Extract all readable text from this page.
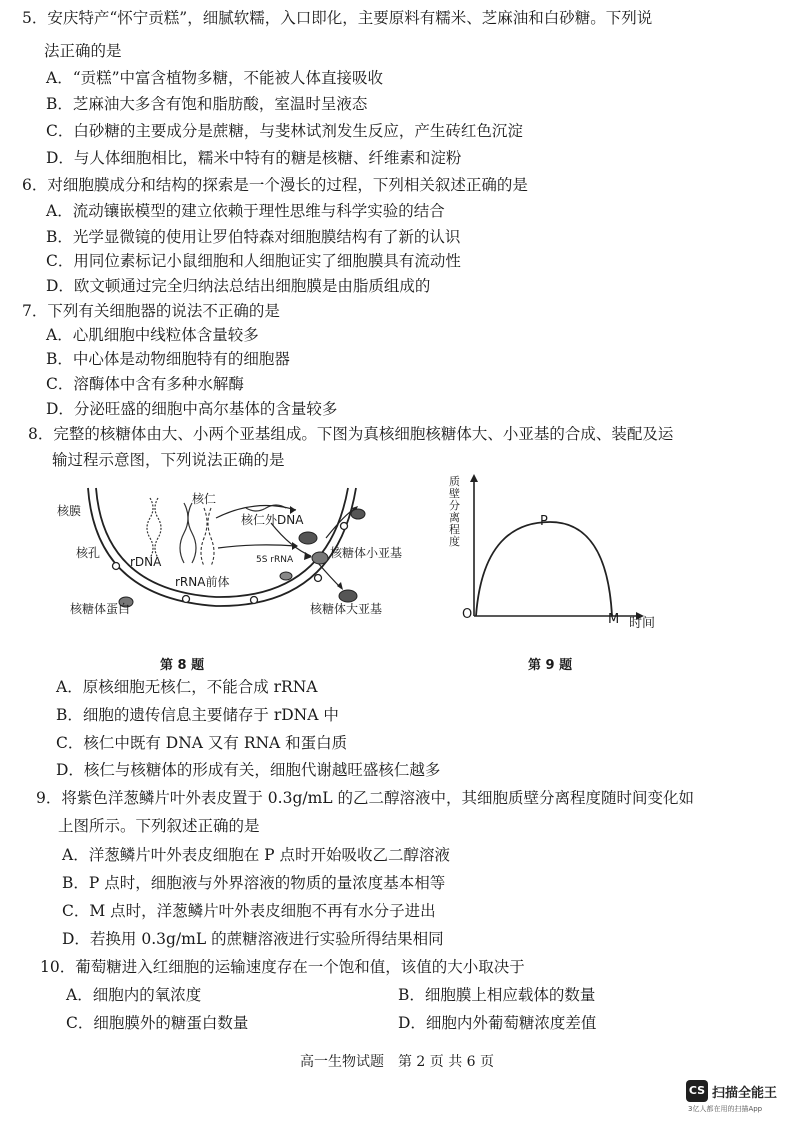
5．安庆特产“怀宁贡糕”，细腻软糯，入口即化，主要原料有糯米、芝麻油和白砂糖。下列说
法正确的是
A．“贡糕”中富含植物多糖，不能被人体直接吸收
B．芝麻油大多含有饱和脂肪酸，室温时呈液态
C．白砂糖的主要成分是蔗糖，与斐林试剂发生反应，产生砖红色沉淀
D．与人体细胞相比，糯米中特有的糖是核糖、纤维素和淀粉
6．对细胞膜成分和结构的探索是一个漫长的过程，下列相关叙述正确的是
A．流动镶嵌模型的建立依赖于理性思维与科学实验的结合
B．光学显微镜的使用让罗伯特森对细胞膜结构有了新的认识
C．用同位素标记小鼠细胞和人细胞证实了细胞膜具有流动性
D．欧文顿通过完全归纳法总结出细胞膜是由脂质组成的
7．下列有关细胞器的说法不正确的是
A．心肌细胞中线粒体含量较多
B．中心体是动物细胞特有的细胞器
C．溶酶体中含有多种水解酶
D．分泌旺盛的细胞中高尔基体的含量较多
8．完整的核糖体由大、小两个亚基组成。下图为真核细胞核糖体大、小亚基的合成、装配及运
输过程示意图，下列说法正确的是
核膜
核孔
核仁
核仁外DNA
rDNA
rRNA前体
5S rRNA	核糖体小亚基
核糖体大亚基
核糖体蛋白
第 8 题
质壁分离程度
时间
O
P
M
第 9 题
A．原核细胞无核仁，不能合成 rRNA
B．细胞的遗传信息主要储存于 rDNA 中
C．核仁中既有 DNA 又有 RNA 和蛋白质
D．核仁与核糖体的形成有关，细胞代谢越旺盛核仁越多
9．将紫色洋葱鳞片叶外表皮置于 0.3g/mL 的乙二醇溶液中，其细胞质壁分离程度随时间变化如
上图所示。下列叙述正确的是
A．洋葱鳞片叶外表皮细胞在 P 点时开始吸收乙二醇溶液
B．P 点时，细胞液与外界溶液的物质的量浓度基本相等
C．M 点时，洋葱鳞片叶外表皮细胞不再有水分子进出
D．若换用 0.3g/mL 的蔗糖溶液进行实验所得结果相同
10．葡萄糖进入红细胞的运输速度存在一个饱和值，该值的大小取决于
A．细胞内的氧浓度	B．细胞膜上相应载体的数量
C．细胞膜外的糖蛋白数量	D．细胞内外葡萄糖浓度差值
高一生物试题　第 2 页 共 6 页
CS 扫描全能王
3亿人都在用的扫描App
